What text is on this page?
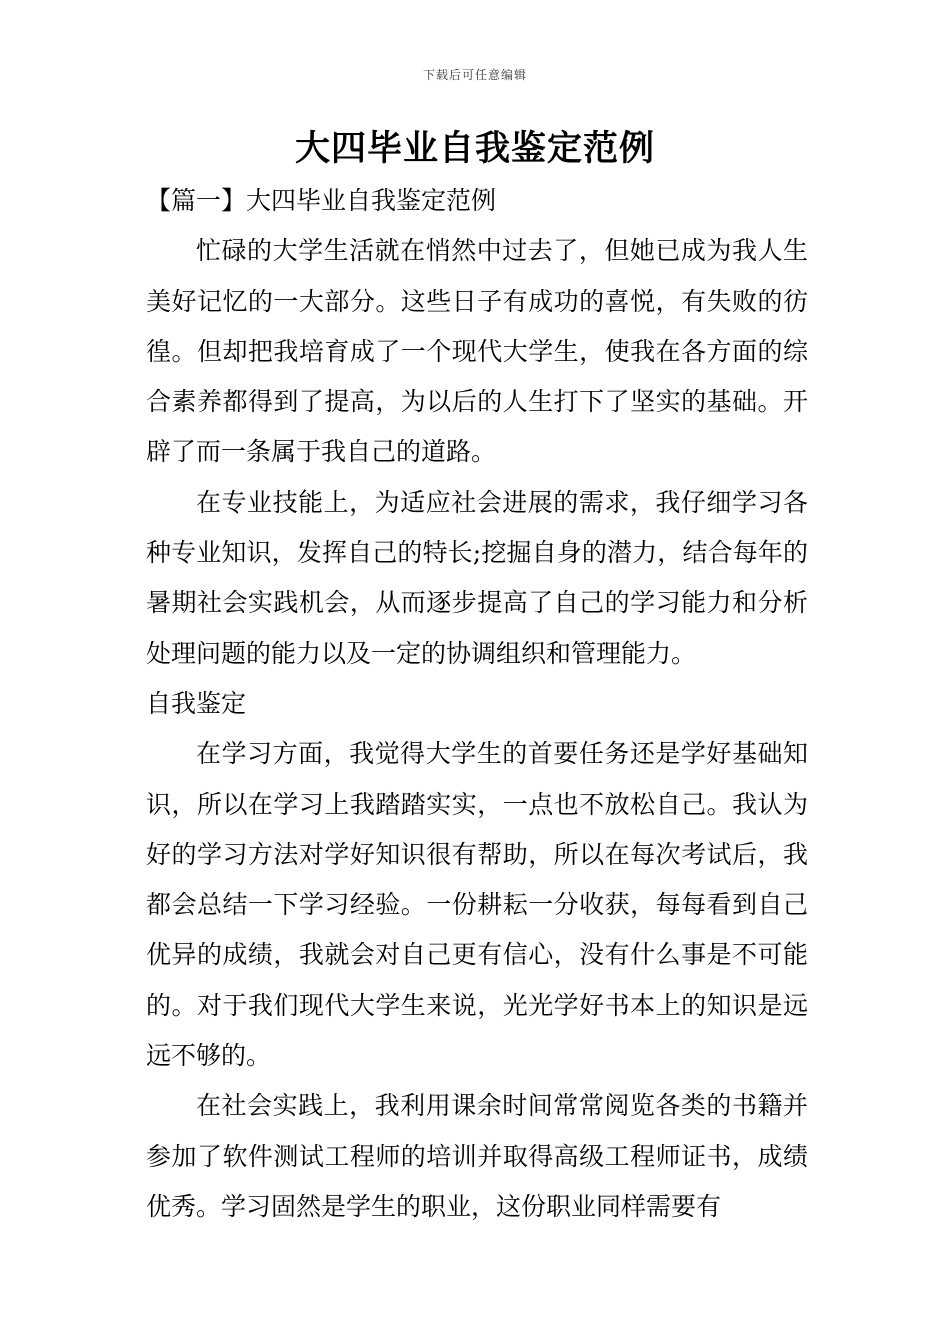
下载后可任意编辑
大四毕业自我鉴定范例

【篇一】大四毕业自我鉴定范例

忙碌的大学生活就在悄然中过去了，但她已成为我人生美好记忆的一大部分。这些日子有成功的喜悦，有失败的彷徨。但却把我培育成了一个现代大学生，使我在各方面的综合素养都得到了提高，为以后的人生打下了坚实的基础。开辟了而一条属于我自己的道路。

在专业技能上，为适应社会进展的需求，我仔细学习各种专业知识，发挥自己的特长;挖掘自身的潜力，结合每年的暑期社会实践机会，从而逐步提高了自己的学习能力和分析处理问题的能力以及一定的协调组织和管理能力。

自我鉴定

在学习方面，我觉得大学生的首要任务还是学好基础知识，所以在学习上我踏踏实实，一点也不放松自己。我认为好的学习方法对学好知识很有帮助，所以在每次考试后，我都会总结一下学习经验。一份耕耘一分收获，每每看到自己优异的成绩，我就会对自己更有信心，没有什么事是不可能的。对于我们现代大学生来说，光光学好书本上的知识是远远不够的。

在社会实践上，我利用课余时间常常阅览各类的书籍并参加了软件测试工程师的培训并取得高级工程师证书，成绩优秀。学习固然是学生的职业，这份职业同样需要有
